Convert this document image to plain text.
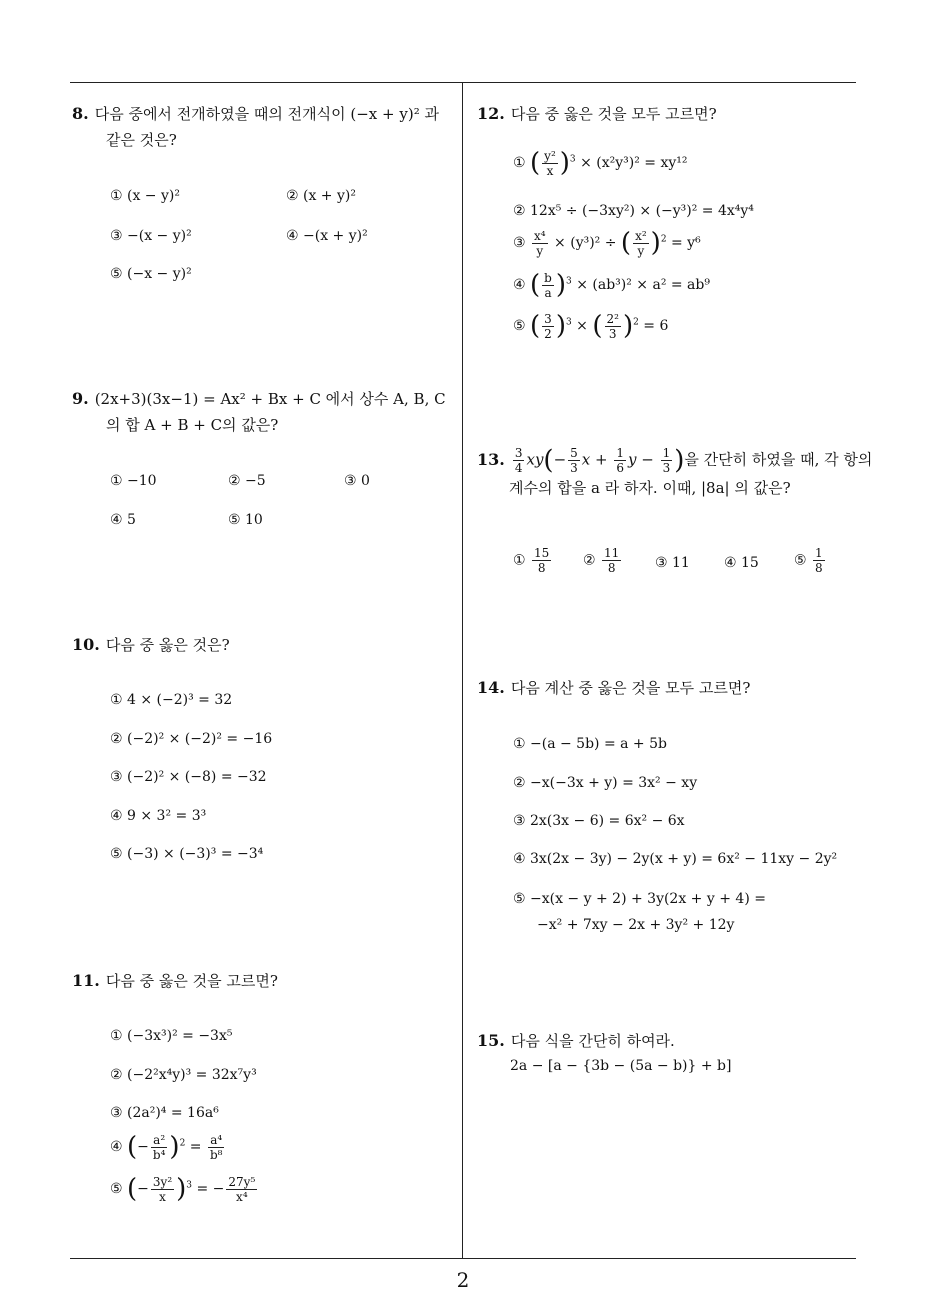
8. 다음 중에서 전개하였을 때의 전개식이 (−x + y)² 과
같은 것은?
① (x − y)²	② (x + y)²
③ −(x − y)²	④ −(x + y)²
⑤ (−x − y)²
9. (2x+3)(3x−1) = Ax² + Bx + C 에서 상수 A, B, C
의 합 A + B + C의 값은?
① −10	② −5	③ 0
④ 5	⑤ 10
10. 다음 중 옳은 것은?
① 4 × (−2)³ = 32
② (−2)² × (−2)² = −16
③ (−2)² × (−8) = −32
④ 9 × 3² = 3³
⑤ (−3) × (−3)³ = −3⁴
11. 다음 중 옳은 것을 고르면?
① (−3x³)² = −3x⁵
② (−2²x⁴y)³ = 32x⁷y³
③ (2a²)⁴ = 16a⁶
④ (− $\frac{\text{a²}}{\text{b⁴}} )^2 = \frac{\text{a⁴}}{\text{b⁸}}$
⑤ (− $\frac{\text{3y²}}{x} )^3$ = − $\frac{\text{27y⁵}}{\text{x⁴}}$
12. 다음 중 옳은 것을 모두 고르면?
① ( $\frac{\text{y²}}{x} )^3 \times (x^2y^3)^2 = xy^{12}$
② 12x⁵ ÷ (−3xy²) × (−y³)² = 4x⁴y⁴
③ $\frac{\text{x⁴}}{y} \times (y^3)^2$ ÷ ( $\frac{\text{x²}}{y} )^2 = y^6$
④ ( $\frac{b}{a} )^3 \times (ab^3)^2 \times a^2 = ab^9$
⑤ ( $\frac{3}{2} )^3$ × ( $\frac{\text{2²}}{3} )^2 = 6$
13. $\frac{3}{4} xy(- \frac{5}{3}$ $x + \frac{1}{6}$ $y - \frac{1}{3}$ )을 간단히 하였을 때, 각 항의
계수의 합을 a 라 하자. 이때, |8a| 의 값은?
① $\frac{15}{8}$ ② $\frac{11}{8}$ ③ 11 ④ 15	⑤ $\frac{1}{8}$
14. 다음 계산 중 옳은 것을 모두 고르면?
① −(a − 5b) = a + 5b
② −x(−3x + y) = 3x² − xy
③ 2x(3x − 6) = 6x² − 6x
④ 3x(2x − 3y) − 2y(x + y) = 6x² − 11xy − 2y²
⑤ −x(x − y + 2) + 3y(2x + y + 4) =
−x² + 7xy − 2x + 3y² + 12y
15. 다음 식을 간단히 하여라.
2a − [a − {3b − (5a − b)} + b]
2
